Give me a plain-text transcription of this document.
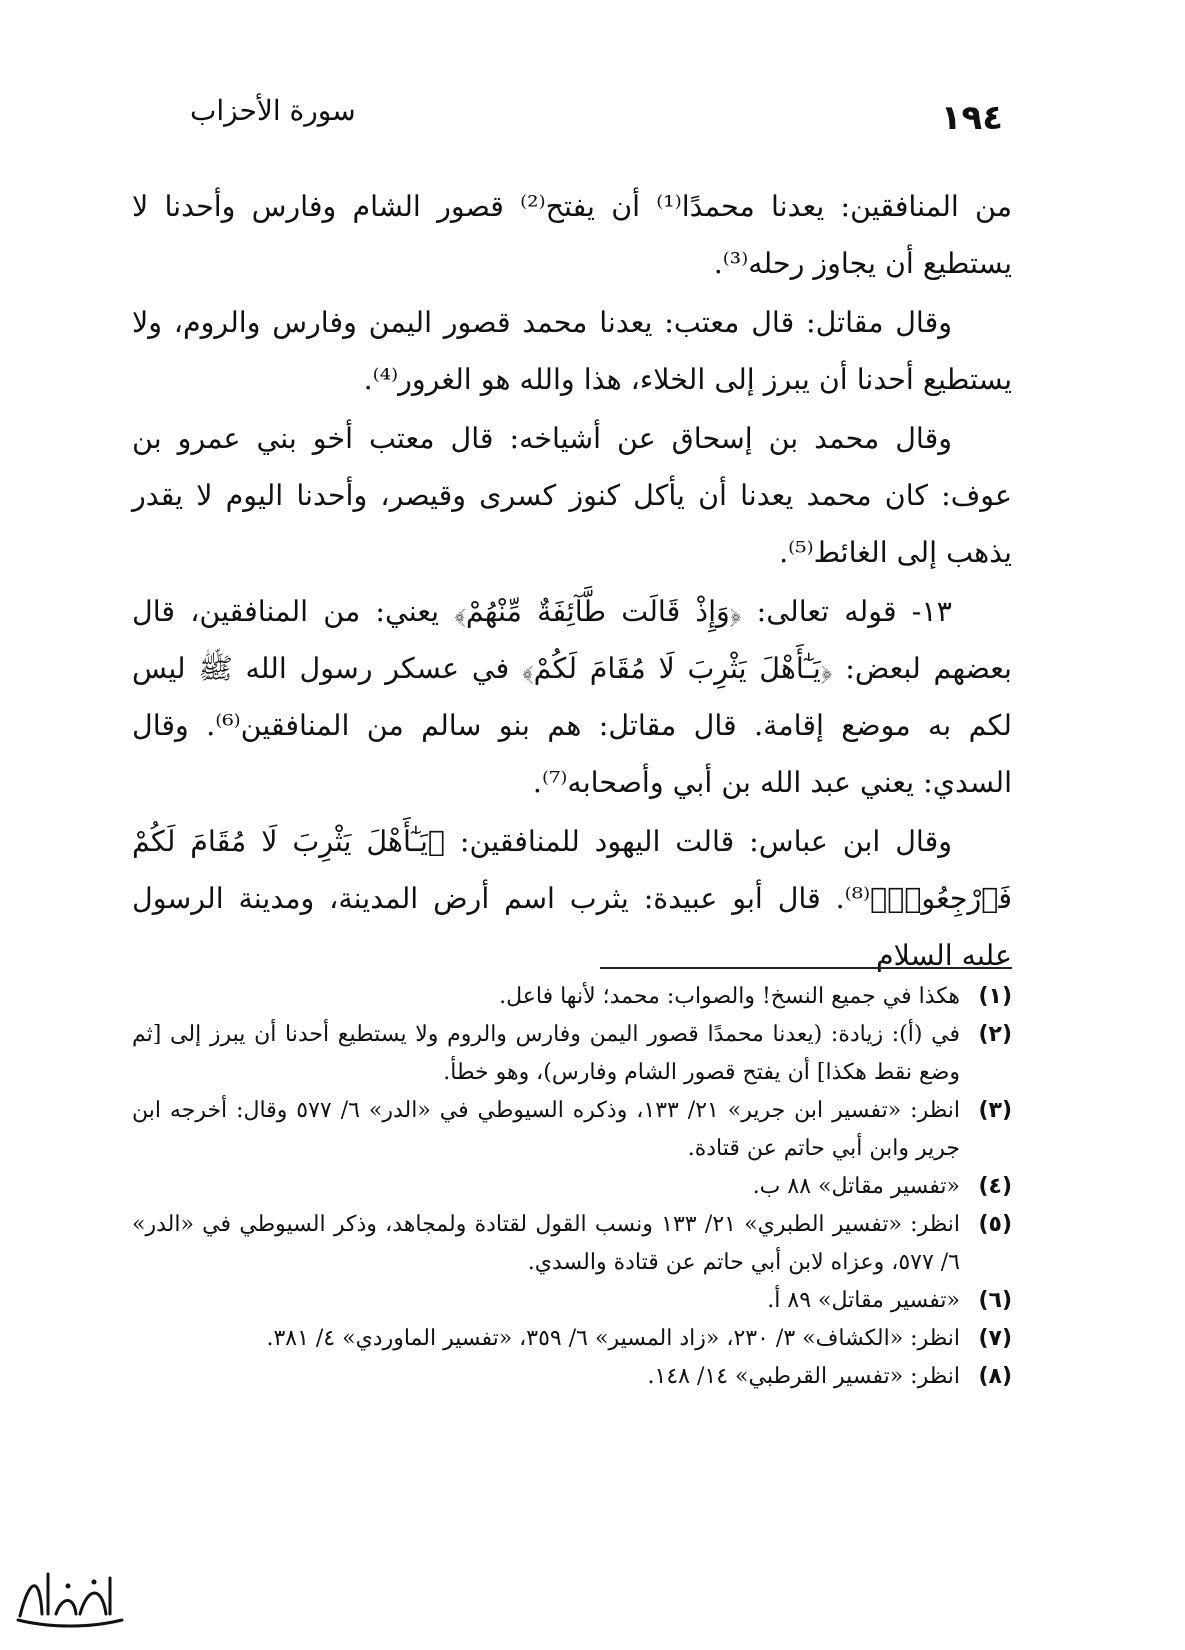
١٩٤
سورة الأحزاب

من المنافقين: يعدنا محمدًا⁽¹⁾ أن يفتح⁽²⁾ قصور الشام وفارس وأحدنا لا يستطيع أن يجاوز رحله⁽³⁾.

وقال مقاتل: قال معتب: يعدنا محمد قصور اليمن وفارس والروم، ولا يستطيع أحدنا أن يبرز إلى الخلاء، هذا والله هو الغرور⁽⁴⁾.

وقال محمد بن إسحاق عن أشياخه: قال معتب أخو بني عمرو بن عوف: كان محمد يعدنا أن يأكل كنوز كسرى وقيصر، وأحدنا اليوم لا يقدر يذهب إلى الغائط⁽⁵⁾.

١٣- قوله تعالى: ﴿وَإِذْ قَالَت طَّآئِفَةٌ مِّنْهُمْ﴾ يعني: من المنافقين، قال بعضهم لبعض: ﴿يَـٰٓأَهْلَ يَثْرِبَ لَا مُقَامَ لَكُمْ﴾ في عسكر رسول الله ﷺ ليس لكم به موضع إقامة. قال مقاتل: هم بنو سالم من المنافقين⁽⁶⁾. وقال السدي: يعني عبد الله بن أبي وأصحابه⁽⁷⁾.

وقال ابن عباس: قالت اليهود للمنافقين: ﴿يَـٰٓأَهْلَ يَثْرِبَ لَا مُقَامَ لَكُمْ فَٱرْجِعُوا۟﴾⁽⁸⁾. قال أبو عبيدة: يثرب اسم أرض المدينة، ومدينة الرسول عليه السلام

(١)
هكذا في جميع النسخ! والصواب: محمد؛ لأنها فاعل.
(٢)
في (أ): زيادة: (يعدنا محمدًا قصور اليمن وفارس والروم ولا يستطيع أحدنا أن يبرز إلى [ثم وضع نقط هكذا] أن يفتح قصور الشام وفارس)، وهو خطأ.
(٣)
انظر: «تفسير ابن جرير» ٢١/ ١٣٣، وذكره السيوطي في «الدر» ٦/ ٥٧٧ وقال: أخرجه ابن جرير وابن أبي حاتم عن قتادة.
(٤)
«تفسير مقاتل» ٨٨ ب.
(٥)
انظر: «تفسير الطبري» ٢١/ ١٣٣ ونسب القول لقتادة ولمجاهد، وذكر السيوطي في «الدر» ٦/ ٥٧٧، وعزاه لابن أبي حاتم عن قتادة والسدي.
(٦)
«تفسير مقاتل» ٨٩ أ.
(٧)
انظر: «الكشاف» ٣/ ٢٣٠، «زاد المسير» ٦/ ٣٥٩، «تفسير الماوردي» ٤/ ٣٨١.
(٨)
انظر: «تفسير القرطبي» ١٤/ ١٤٨.
